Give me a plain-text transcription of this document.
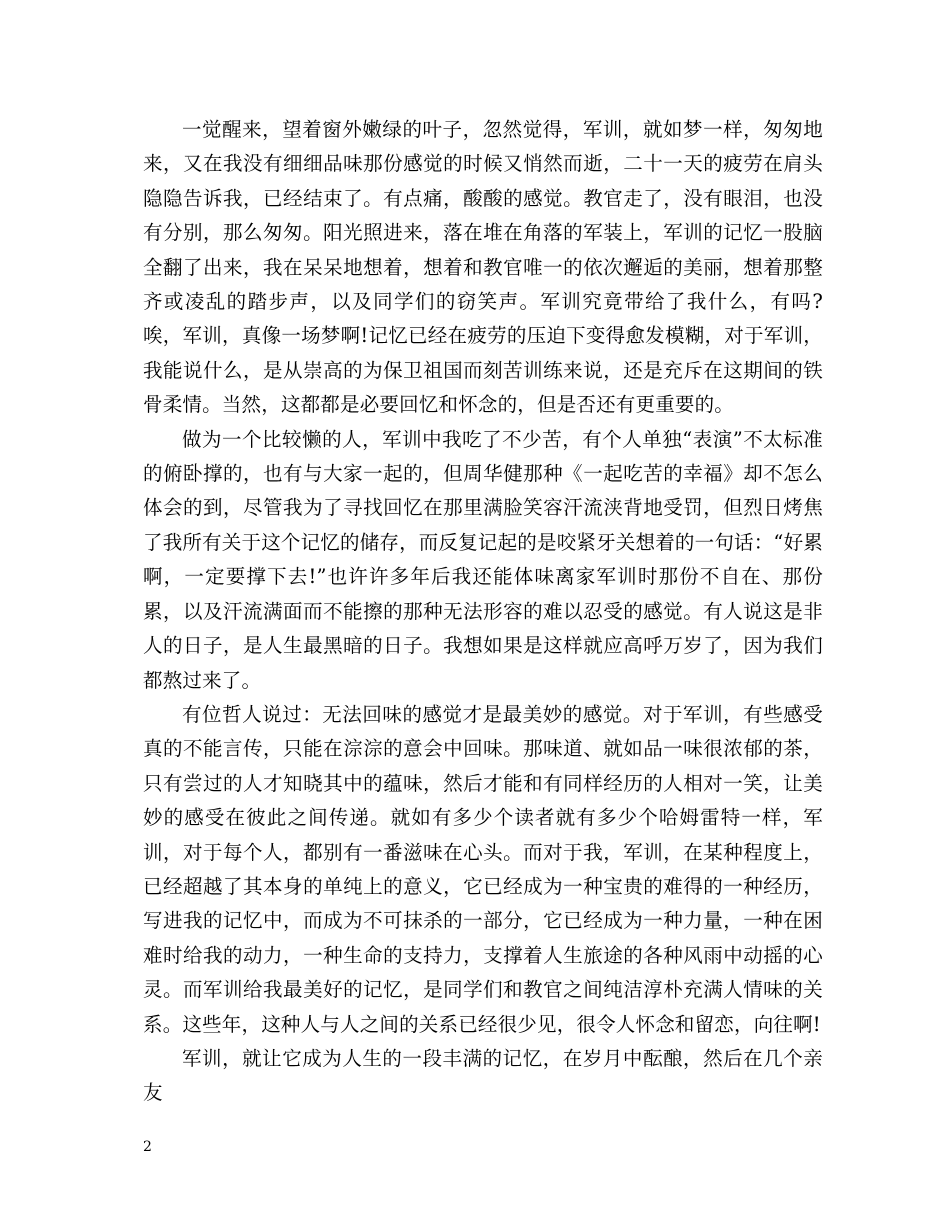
一觉醒来，望着窗外嫩绿的叶子，忽然觉得，军训，就如梦一样，匆匆地来，又在我没有细细品味那份感觉的时候又悄然而逝，二十一天的疲劳在肩头隐隐告诉我，已经结束了。有点痛，酸酸的感觉。教官走了，没有眼泪，也没有分别，那么匆匆。阳光照进来，落在堆在角落的军装上，军训的记忆一股脑全翻了出来，我在呆呆地想着，想着和教官唯一的依次邂逅的美丽，想着那整齐或凌乱的踏步声，以及同学们的窃笑声。军训究竟带给了我什么，有吗?唉，军训，真像一场梦啊!记忆已经在疲劳的压迫下变得愈发模糊，对于军训，我能说什么，是从崇高的为保卫祖国而刻苦训练来说，还是充斥在这期间的铁骨柔情。当然，这都都是必要回忆和怀念的，但是否还有更重要的。

做为一个比较懒的人，军训中我吃了不少苦，有个人单独“表演”不太标准的俯卧撑的，也有与大家一起的，但周华健那种《一起吃苦的幸福》却不怎么体会的到，尽管我为了寻找回忆在那里满脸笑容汗流浃背地受罚，但烈日烤焦了我所有关于这个记忆的储存，而反复记起的是咬紧牙关想着的一句话：“好累啊，一定要撑下去!”也许许多年后我还能体味离家军训时那份不自在、那份累，以及汗流满面而不能擦的那种无法形容的难以忍受的感觉。有人说这是非人的日子，是人生最黑暗的日子。我想如果是这样就应高呼万岁了，因为我们都熬过来了。

有位哲人说过：无法回味的感觉才是最美妙的感觉。对于军训，有些感受真的不能言传，只能在淙淙的意会中回味。那味道、就如品一味很浓郁的茶，只有尝过的人才知晓其中的蕴味，然后才能和有同样经历的人相对一笑，让美妙的感受在彼此之间传递。就如有多少个读者就有多少个哈姆雷特一样，军训，对于每个人，都别有一番滋味在心头。而对于我，军训，在某种程度上，已经超越了其本身的单纯上的意义，它已经成为一种宝贵的难得的一种经历，写进我的记忆中，而成为不可抹杀的一部分，它已经成为一种力量，一种在困难时给我的动力，一种生命的支持力，支撑着人生旅途的各种风雨中动摇的心灵。而军训给我最美好的记忆，是同学们和教官之间纯洁淳朴充满人情味的关系。这些年，这种人与人之间的关系已经很少见，很令人怀念和留恋，向往啊!

军训，就让它成为人生的一段丰满的记忆，在岁月中酝酿，然后在几个亲友

2
